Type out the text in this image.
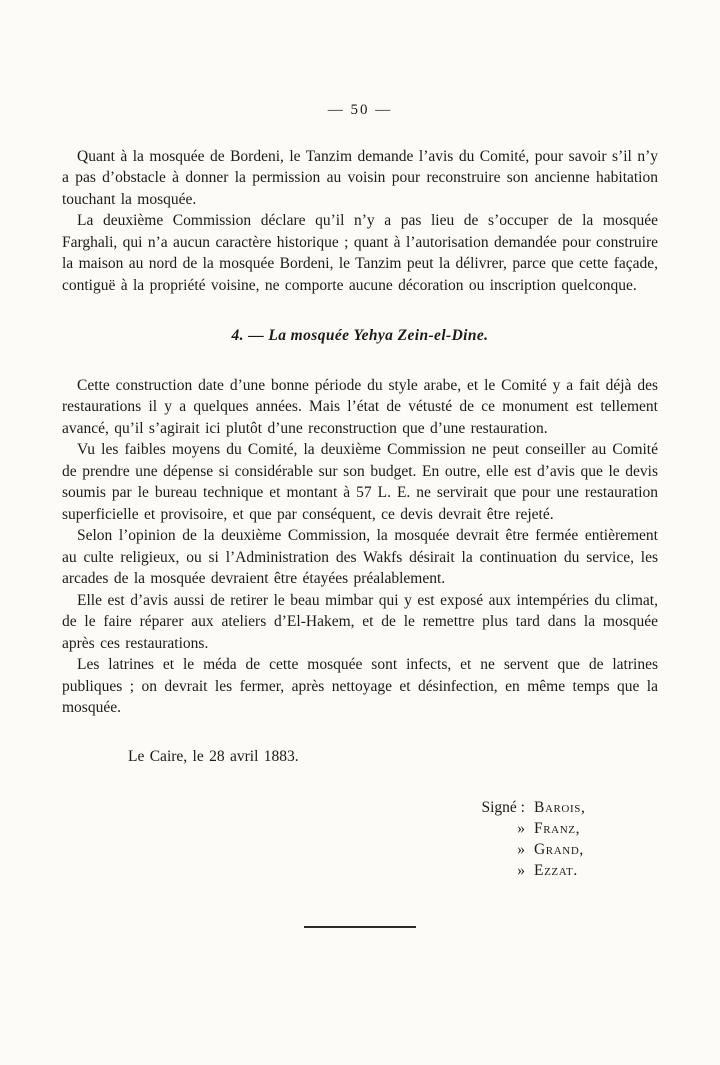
— 50 —

Quant à la mosquée de Bordeni, le Tanzim demande l’avis du Comité, pour savoir s’il n’y a pas d’obstacle à donner la permission au voisin pour reconstruire son ancienne habitation touchant la mosquée.

La deuxième Commission déclare qu’il n’y a pas lieu de s’occuper de la mosquée Farghali, qui n’a aucun caractère historique ; quant à l’autorisation demandée pour construire la maison au nord de la mosquée Bordeni, le Tanzim peut la délivrer, parce que cette façade, contiguë à la propriété voisine, ne comporte aucune décoration ou inscription quelconque.

4. — La mosquée Yehya Zein-el-Dine.

Cette construction date d’une bonne période du style arabe, et le Comité y a fait déjà des restaurations il y a quelques années. Mais l’état de vétusté de ce monument est tellement avancé, qu’il s’agirait ici plutôt d’une reconstruction que d’une restauration.

Vu les faibles moyens du Comité, la deuxième Commission ne peut conseiller au Comité de prendre une dépense si considérable sur son budget. En outre, elle est d’avis que le devis soumis par le bureau technique et montant à 57 L. E. ne servirait que pour une restauration superficielle et provisoire, et que par conséquent, ce devis devrait être rejeté.

Selon l’opinion de la deuxième Commission, la mosquée devrait être fermée entièrement au culte religieux, ou si l’Administration des Wakfs désirait la continuation du service, les arcades de la mosquée devraient être étayées préalablement.

Elle est d’avis aussi de retirer le beau mimbar qui y est exposé aux intempéries du climat, de le faire réparer aux ateliers d’El-Hakem, et de le remettre plus tard dans la mosquée après ces restaurations.

Les latrines et le méda de cette mosquée sont infects, et ne servent que de latrines publiques ; on devrait les fermer, après nettoyage et désinfection, en même temps que la mosquée.

Le Caire, le 28 avril 1883.

Signé : Barois,
» Franz,
» Grand,
» Ezzat.
